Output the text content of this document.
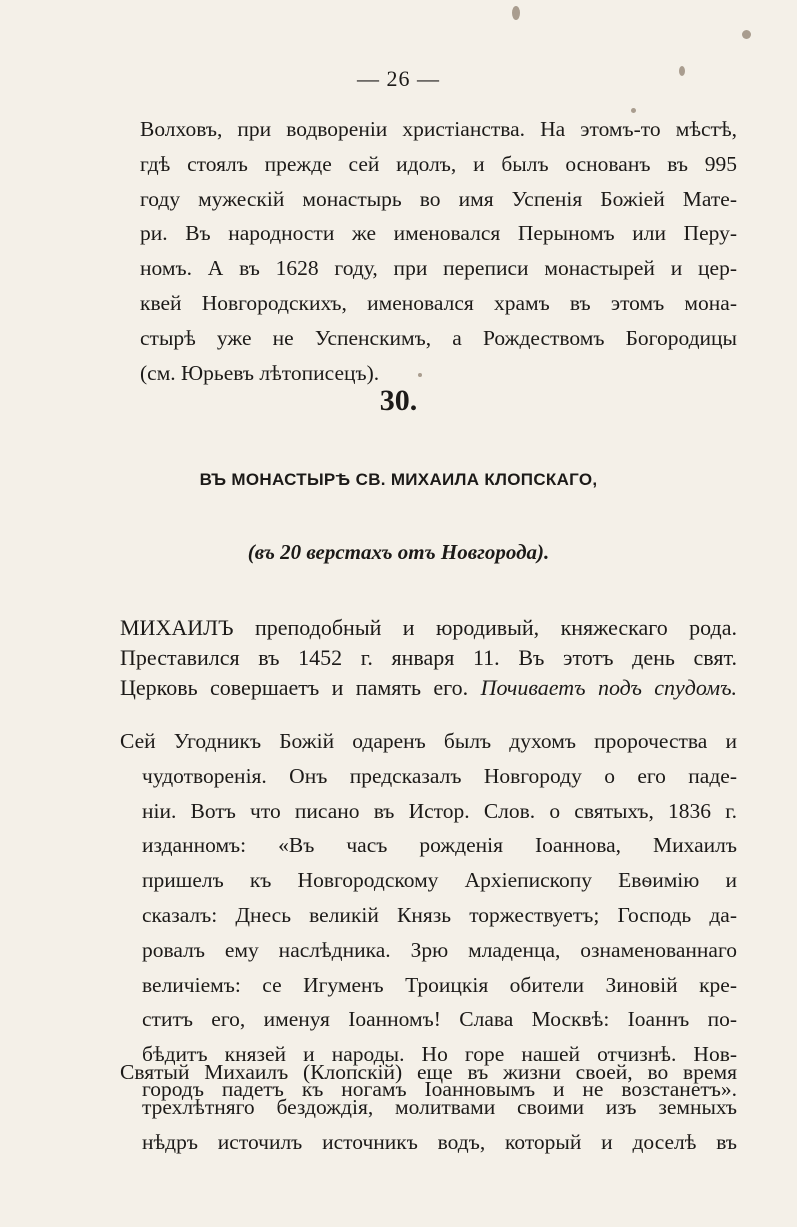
— 26 —
Волховъ, при водвореніи христіанства. На этомъ-то мѣстѣ,
гдѣ стоялъ прежде сей идолъ, и былъ основанъ въ 995
году мужескій монастырь во имя Успенія Божіей Мате-
ри. Въ народности же именовался Перыномъ или Перу-
номъ. А въ 1628 году, при переписи монастырей и цер-
квей Новгородскихъ, именовался храмъ въ этомъ мона-
стырѣ уже не Успенскимъ, а Рождествомъ Богородицы
(см. Юрьевъ лѣтописецъ).
30.
ВЪ МОНАСТЫРѢ СВ. МИХАИЛА КЛОПСКАГО,
(въ 20 верстахъ отъ Новгорода).
МИХАИЛЪ преподобный и юродивый, княжескаго рода.
Преставился въ 1452 г. января 11. Въ этотъ день свят.
Церковь совершаетъ и память его. Почиваетъ подъ спудомъ.
Сей Угодникъ Божій одаренъ былъ духомъ пророчества и
чудотворенія. Онъ предсказалъ Новгороду о его паде-
ніи. Вотъ что писано въ Истор. Слов. о святыхъ, 1836 г.
изданномъ: «Въ часъ рожденія Іоаннова, Михаилъ
пришелъ къ Новгородскому Архіепископу Евѳимію и
сказалъ: Днесь великій Князь торжествуетъ; Господь да-
ровалъ ему наслѣдника. Зрю младенца, ознаменованнаго
величіемъ: се Игуменъ Троицкія обители Зиновій кре-
ститъ его, именуя Іоанномъ! Слава Москвѣ: Іоаннъ по-
бѣдитъ князей и народы. Но горе нашей отчизнѣ. Нов-
городъ падетъ къ ногамъ Іоанновымъ и не возстанетъ».
Святый Михаилъ (Клопскій) еще въ жизни своей, во время
трехлѣтняго бездождія, молитвами своими изъ земныхъ
нѣдръ источилъ источникъ водъ, который и доселѣ въ
